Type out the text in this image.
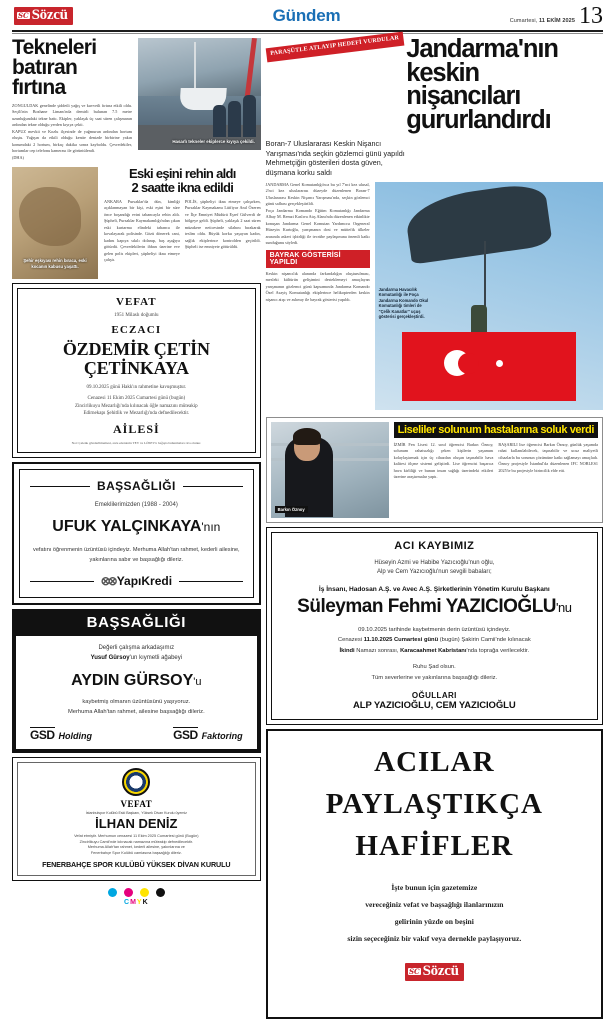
SC Sözcü	Gündem	Cumartesi, 11 EKİM 2025 13
Tekneleri
batıran fırtına

ZONGULDAK genelinde şiddetli yağış ve kuvvetli fırtına etkili oldu. Seçili'nin Bozhane Limanı'nda demirli bulunan 7.5 metre uzunluğundaki tekne battı. Ekipler, yaklaşık üç saat süren çalışmanın ardından tekne olduğu yerden kıyıya çekti.

KAPUZ mevkii ve Kozlu ilçesinde de yağmurun ardından hortum oluştu. Yağışın da etkili olduğu kentte denizde birbirine yakın konumdaki 2 hortum, birkaç dakika sonra kayboldu. Çevredekiler, hortumlar cep telefonu kamerası ile görüntülendi.

(DHA)

Hasarlı tekneler ekiplerce kıyıya çekildi.
Şehir eşkıyası rehin bıraca, eski kocanın kabusu yaşattı.
Eski eşini rehin aldı
2 saatte ikna edildi
ANKARA Pursaklar'da dün, kimliği açıklanmayan bir kişi, eski eşini bir süre önce boşandığı evini tabancayla rehin aldı. Şüpheli, Pursaklar Kaymakamlığı'ndan çıkan eski kurtarma elindeki tabanca ile kovalayarak polisinde. Gözü dönerek cani, kadını kapıya sıkılı dolanıp, baş aşağıya götürdü. Çevredekilerin ihbarı üzerine eve gelen polis ekipleri, şüpheliyi ikna etmeye çalıştı.
POLİS, şüpheliyi ikna etmeye çalışırken, Pursaklar Kaymakamı Lütfiyar Anıl Özeren ve İlçe Emniyet Müdürü Eşref Gülverdi de bölgeye geldi. Şüpheli, yaklaşık 2 saat süren müzakere neticesinde silahını bırakarak teslim oldu. Büyük korku yaşayan kadın, sağlık ekiplerince kontrolden geçirildi. Şüpheli ise emniyete götürüldü.
VEFAT
1951 Milaslı doğumlu
ECZACI
ÖZDEMİR ÇETİN
ÇETİNKAYA
09.10.2025 günü Hakk'ın rahmetine kavuşmuştur.
Cenazesi 11 Ekim 2025 Cumartesi günü (bugün)
Zincirlikuyu Mezarlığı'nda kılınacak öğle namazını müteakip
Edirnekapı Şehitlik ve Mezarlığı'nda defnedilecektir.
AİLESİ
Not: Çelenk gönderilmemesi, arzu edenlerin TEV ve LÖSEV'e bağışta bulunmaları rica olunur.
BAŞSAĞLIĞI
Emeklilerimizden (1988 - 2004)
UFUK YALÇINKAYA'nın
vefatını öğrenmenin üzüntüsü içindeyiz. Merhuma Allah'tan rahmet, kederli ailesine, yakınlarına sabır ve başsağlığı dileriz.
⊗⊗ YapıKredi
BAŞSAĞLIĞI
Değerli çalışma arkadaşımız
Yusuf Gürsoy'un kıymetli ağabeyi
AYDIN GÜRSOY'u
kaybetmiş olmanın üzüntüsünü yaşıyoruz.
Merhuma Allah'tan rahmet, ailesine başsağlığı dileriz.
GSD Holding	GSD Faktoring
VEFAT
İstanbulspor Kulübü Eski Başkanı, Yüksek Divan Kurulu üyemiz
İLHAN DENİZ
Vefat etmiştir. Merhumun cenazesi 11 Ekim 2025 Cumartesi günü (Bugün)
Zincirlikuyu Camii'nde kılınacak namazına müteakip defnedilecektir.
Merhuma Allah'tan rahmet, kederli ailesine, yakınlarına ve
Fenerbahçe Spor Kulübü camiasına başsağlığı dileriz.
FENERBAHÇE SPOR KULÜBÜ YÜKSEK DİVAN KURULU
CMYK
PARAŞÜTLE ATLAYIP HEDEFİ VURDULAR Jandarma'nın keskin
nişancıları gururlandırdı
Boran-7 Uluslararası Keskin Nişancı Yarışması'nda seçkin gözlemci günü yapıldı Mehmetçiğin gösterileri dosta güven, düşmana korku saldı

JANDARMA Genel Komutanlığı'nca bu yıl 7'nci kez ulusal, 2'nci kez uluslararası düzeyde düzenlenen Boran-7 Uluslararası Keskin Nişancı Yarışması'nda, seçkin gözlemci günü safhası gerçekleştirildi.

Foça Jandarma Komando Eğitim Komutanlığı Jandarma Albay M. Remzi Kaslıva Atış Alanı'nda düzenlenen etkinlikte konuşan Jandarma Genel Komutan Yardımcısı Orgeneral Hüseyin Kurtoğlu, yarışmanın dost ve müttefik ülkeler arasında askeri işbirliği ile tecrübe paylaşımına önemli katkı sunduğunu söyledi.

BAYRAK GÖSTERİSİ YAPILDI
Keskin nişancılık alanında farkındalığın oluşturulması, mesleki kültürün gelişimini desteklemeyi amaçlayan yarışmanın gözlemci günü kapsamında Jandarma Komando Özel Asayiş Komutanlığı ekiplerince helikopterden keskin nişancı atışı ve aslımıy ile bayrak gösterisi yapıldı.
Jandarma Havacılık Komutanlığı ile Foça Jandarma Komando Okul Komutanlığı timleri de "Çelik Kanatlar" uçuş gösterisi gerçekleştirdi.
Barkın Öznoy
Liseliler solunum hastalarına soluk verdi
İZMİR Fen Lisesi 12. sınıf öğrencisi Barkın Öznoy, solunum rahatsızlığı çeken kişilerin yaşamını kolaylaştırmak için üç cihazdan oluşan taşınabilir hava kalitesi ölçme sistemi geliştirdi. Lise öğrencisi başarıca hava kirliliği ve bunun insan sağlığı üzerindeki etkileri üzerine araştırmalar yaptı.
BAŞARILI lise öğrencisi Barkın Öznoy, günlük yaşamda rahat kullanılabilecek, taşınabilir ve ucuz maliyetli cihazlarla bu sorunun çözümüne katkı sağlamayı amaçladı. Öznoy projesiyle İstanbul'da düzenlenen IFC NOBLES1 2025'te bu projesiyle birincilik elde etti.
ACI KAYBIMIZ
Hüseyin Azmi ve Habibe Yazıcıoğlu'nun oğlu,
Alp ve Cem Yazıcıoğlu'nun sevgili babaları;
İş İnsanı, Hadosan A.Ş. ve Avec A.Ş. Şirketlerinin Yönetim Kurulu Başkanı
Süleyman Fehmi YAZICIOĞLU'nu
09.10.2025 tarihinde kaybetmenin derin üzüntüsü içindeyiz.
Cenazesi 11.10.2025 Cumartesi günü (bugün) Şakirin Camii'nde kılınacak
İkindi Namazı sonrası, Karacaahmet Kabristanı'nda toprağa verilecektir.
Ruhu Şad olsun.
Tüm severlerine ve yakınlarına başsağlığı dileriz.
OĞULLARI
ALP YAZICIOĞLU, CEM YAZICIOĞLU
ACILAR
PAYLAŞTIKÇA
HAFİFLER
İşte bunun için gazetemize
vereceğiniz vefat ve başsağlığı ilanlarınızın
gelirinin yüzde on beşini
sizin seçeceğiniz bir vakıf veya dernekle paylaşıyoruz.
SC Sözcü
